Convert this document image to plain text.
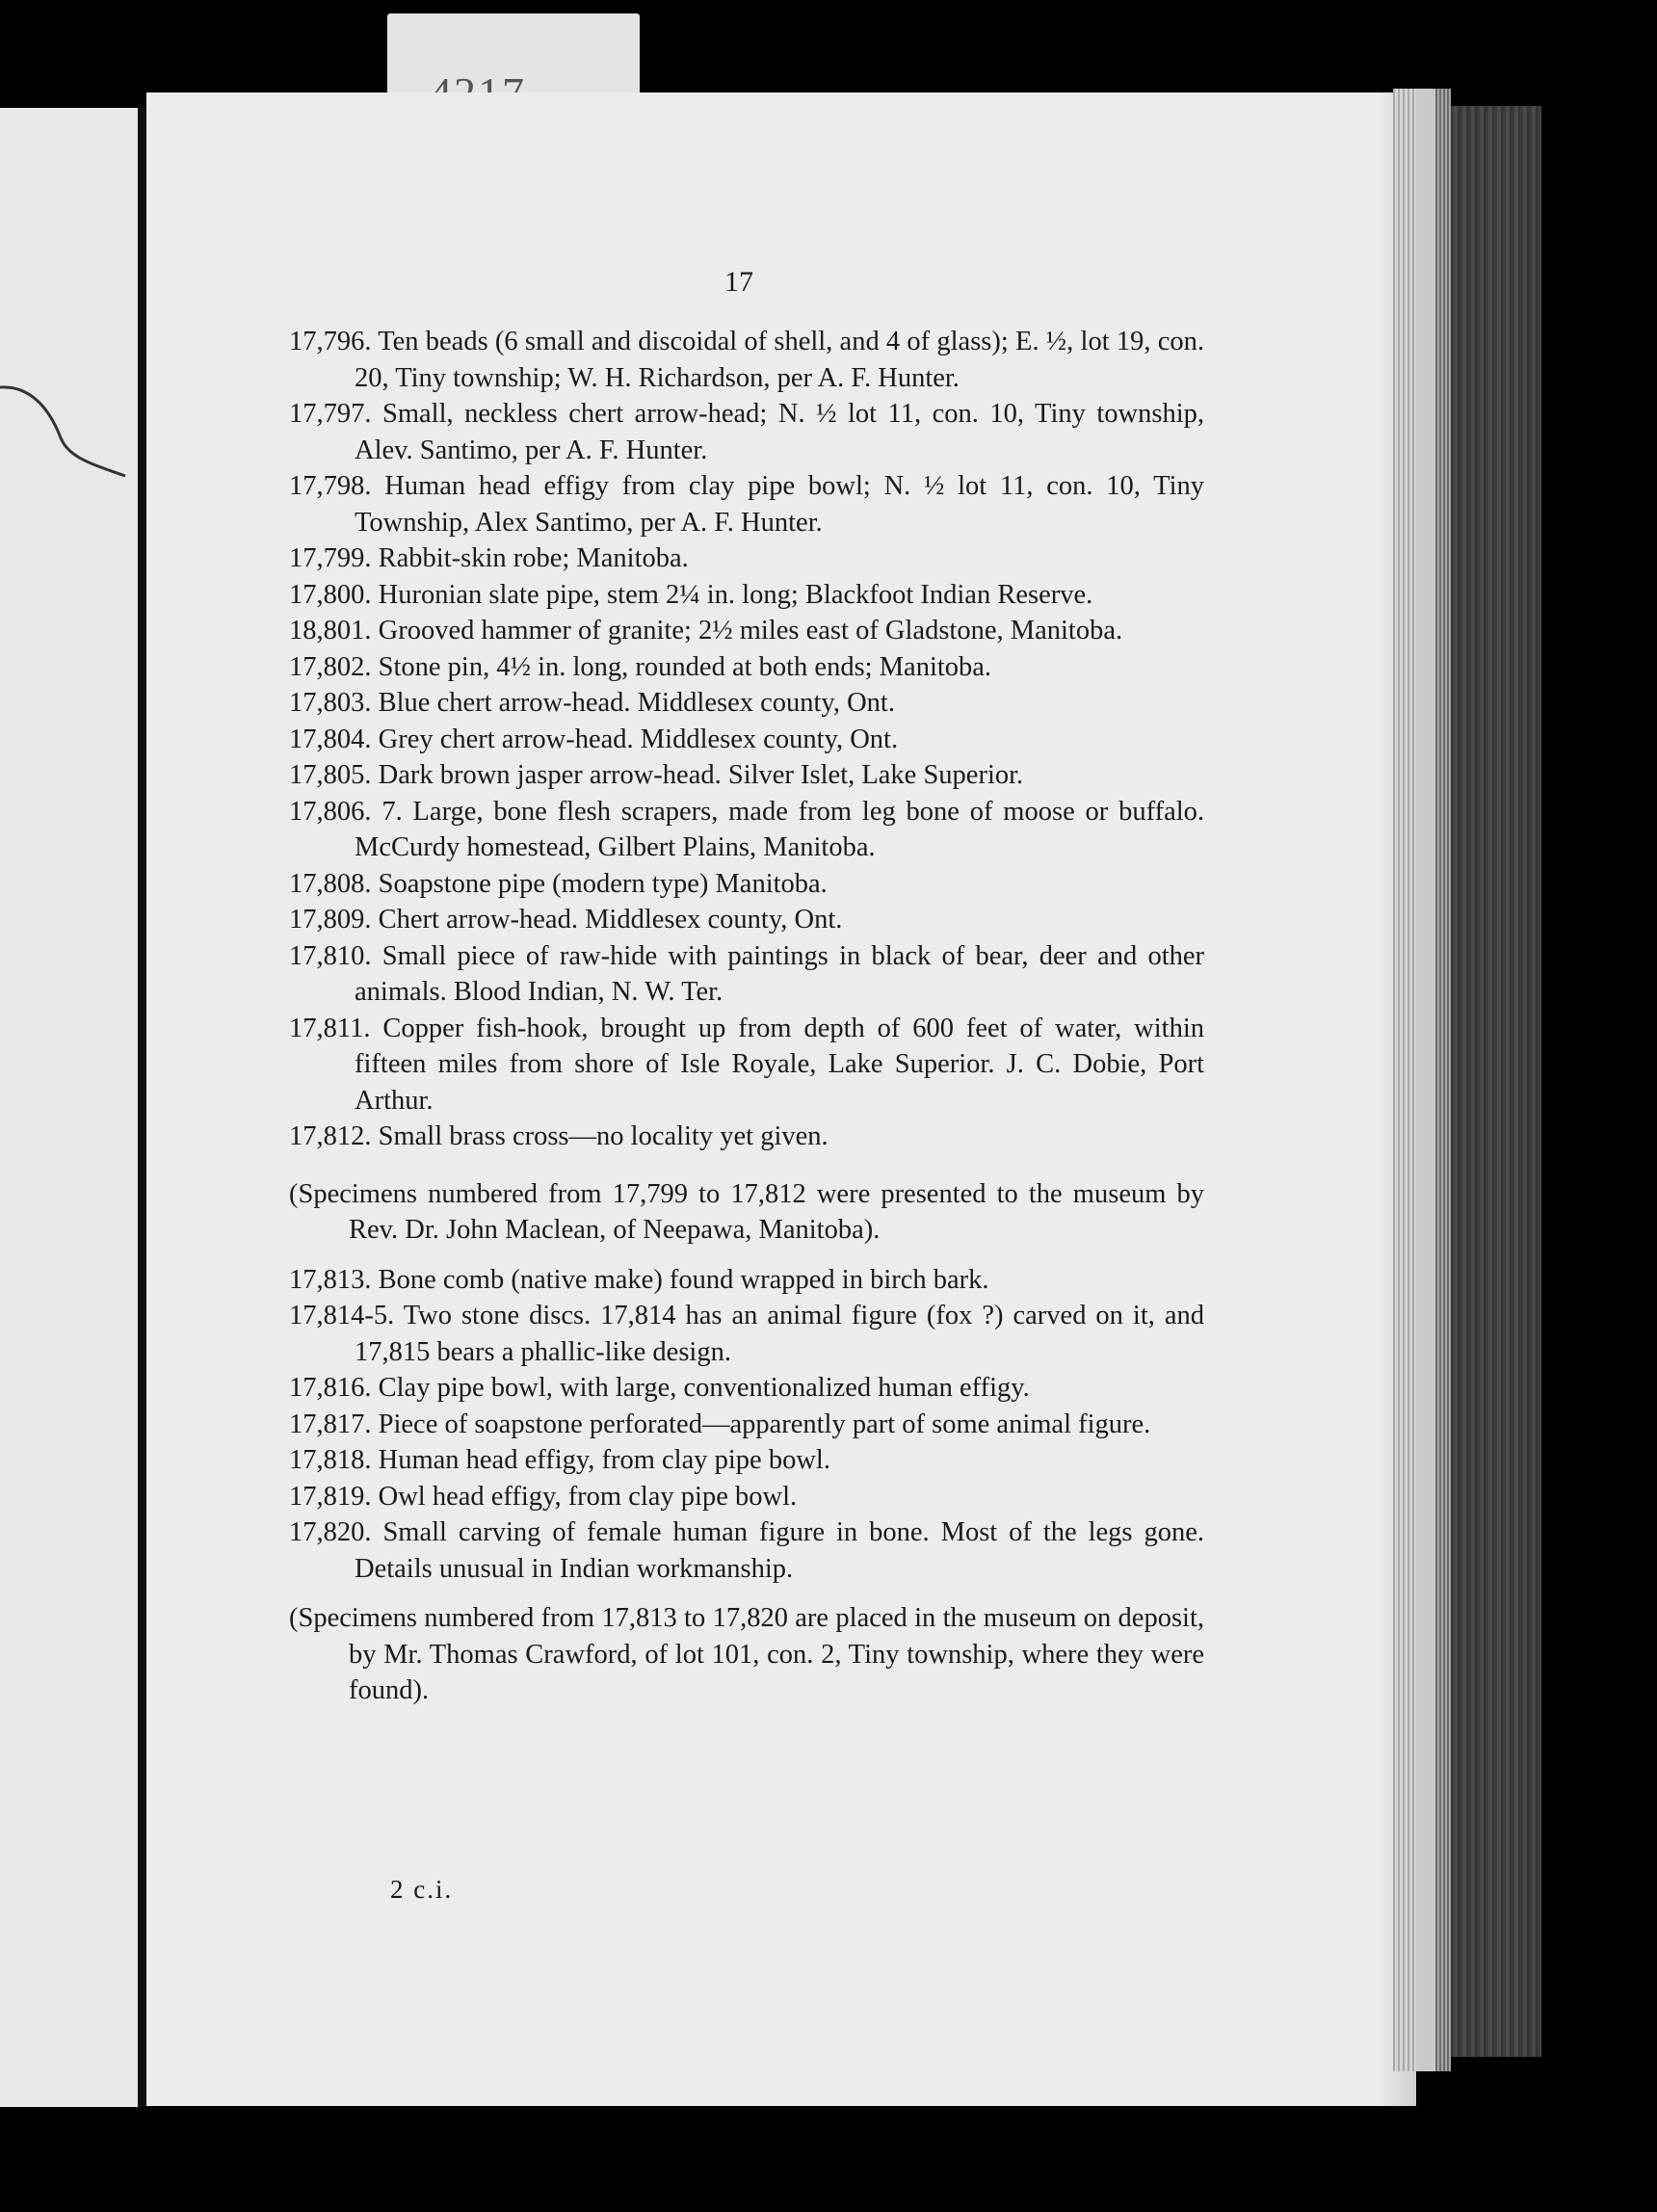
17
17,796. Ten beads (6 small and discoidal of shell, and 4 of glass); E. ½, lot 19, con. 20, Tiny township; W. H. Richardson, per A. F. Hunter.
17,797. Small, neckless chert arrow-head; N. ½ lot 11, con. 10, Tiny township, Alev. Santimo, per A. F. Hunter.
17,798. Human head effigy from clay pipe bowl; N. ½ lot 11, con. 10, Tiny Township, Alex Santimo, per A. F. Hunter.
17,799. Rabbit-skin robe; Manitoba.
17,800. Huronian slate pipe, stem 2¼ in. long; Blackfoot Indian Reserve.
18,801. Grooved hammer of granite; 2½ miles east of Gladstone, Manitoba.
17,802. Stone pin, 4½ in. long, rounded at both ends; Manitoba.
17,803. Blue chert arrow-head. Middlesex county, Ont.
17,804. Grey chert arrow-head. Middlesex county, Ont.
17,805. Dark brown jasper arrow-head. Silver Islet, Lake Superior.
17,806. 7. Large, bone flesh scrapers, made from leg bone of moose or buffalo. McCurdy homestead, Gilbert Plains, Manitoba.
17,808. Soapstone pipe (modern type) Manitoba.
17,809. Chert arrow-head. Middlesex county, Ont.
17,810. Small piece of raw-hide with paintings in black of bear, deer and other animals. Blood Indian, N. W. Ter.
17,811. Copper fish-hook, brought up from depth of 600 feet of water, within fifteen miles from shore of Isle Royale, Lake Superior. J. C. Dobie, Port Arthur.
17,812. Small brass cross—no locality yet given.
(Specimens numbered from 17,799 to 17,812 were presented to the museum by Rev. Dr. John Maclean, of Neepawa, Manitoba).
17,813. Bone comb (native make) found wrapped in birch bark.
17,814-5. Two stone discs. 17,814 has an animal figure (fox ?) carved on it, and 17,815 bears a phallic-like design.
17,816. Clay pipe bowl, with large, conventionalized human effigy.
17,817. Piece of soapstone perforated—apparently part of some animal figure.
17,818. Human head effigy, from clay pipe bowl.
17,819. Owl head effigy, from clay pipe bowl.
17,820. Small carving of female human figure in bone. Most of the legs gone. Details unusual in Indian workmanship.
(Specimens numbered from 17,813 to 17,820 are placed in the museum on deposit, by Mr. Thomas Crawford, of lot 101, con. 2, Tiny township, where they were found).
2 c.i.
